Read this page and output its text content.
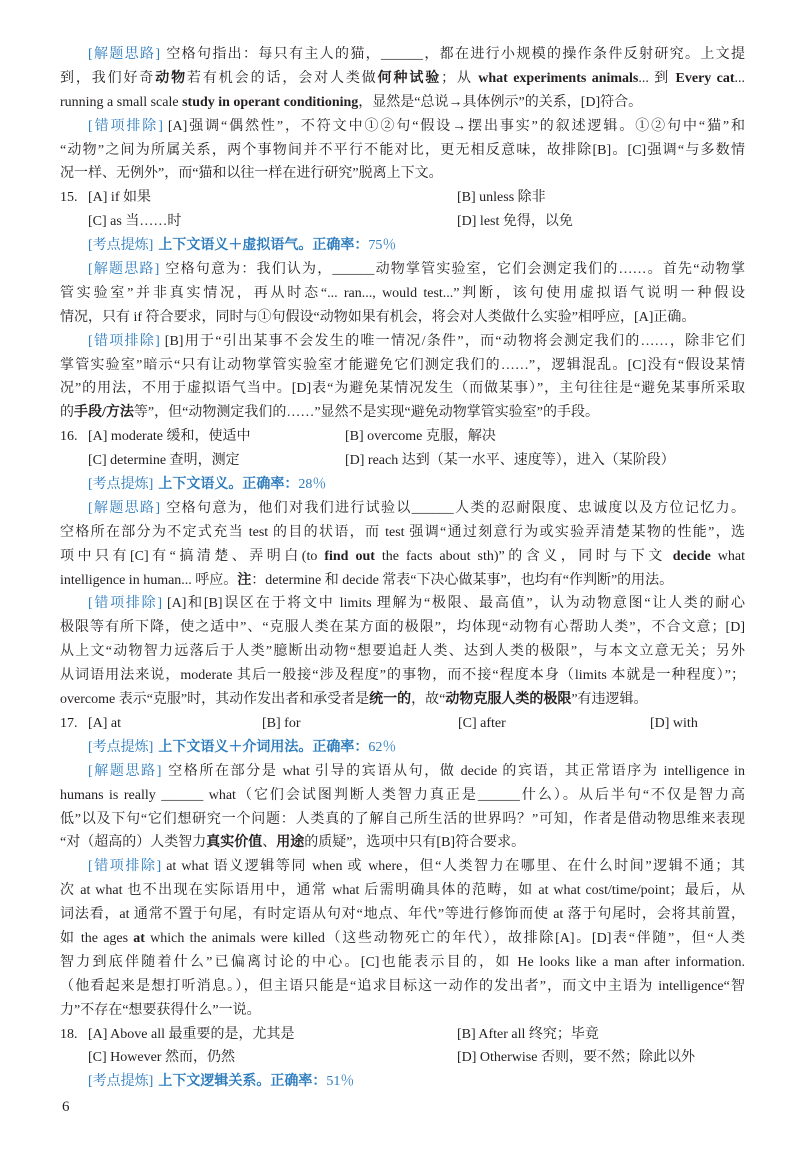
[解题思路] 空格句指出：每只有主人的猫，______，都在进行小规模的操作条件反射研究。上文提
到，我们好奇动物若有机会的话，会对人类做何种试验；从 what experiments animals... 到 Every cat...
running a small scale study in operant conditioning，显然是“总说→具体例示”的关系，[D]符合。
[错项排除] [A]强调“偶然性”，不符文中①②句“假设→摆出事实”的叙述逻辑。①②句中“猫”和
“动物”之间为所属关系，两个事物间并不平行不能对比，更无相反意味，故排除[B]。[C]强调“与多数情
况一样、无例外”，而“猫和以往一样在进行研究”脱离上下文。
15. [A] if 如果	[B] unless 除非
[C] as 当……时	[D] lest 免得，以免
[考点提炼] 上下文语义＋虚拟语气。正确率：75％
[解题思路] 空格句意为：我们认为，______动物掌管实验室，它们会测定我们的……。首先“动物掌
管实验室”并非真实情况，再从时态“... ran..., would test...”判断，该句使用虚拟语气说明一种假设
情况，只有 if 符合要求，同时与①句假设“动物如果有机会，将会对人类做什么实验”相呼应，[A]正确。
[错项排除] [B]用于“引出某事不会发生的唯一情况/条件”，而“动物将会测定我们的……，除非它们
掌管实验室”暗示“只有让动物掌管实验室才能避免它们测定我们的……”，逻辑混乱。[C]没有“假设某情
况”的用法，不用于虚拟语气当中。[D]表“为避免某情况发生（而做某事）”，主句往往是“避免某事所采取
的手段/方法等”，但“动物测定我们的……”显然不是实现“避免动物掌管实验室”的手段。
16. [A] moderate 缓和，使适中	[B] overcome 克服，解决
[C] determine 查明，测定	[D] reach 达到（某一水平、速度等），进入（某阶段）
[考点提炼] 上下文语义。正确率：28％
[解题思路] 空格句意为，他们对我们进行试验以______人类的忍耐限度、忠诚度以及方位记忆力。
空格所在部分为不定式充当 test 的目的状语，而 test 强调“通过刻意行为或实验弄清楚某物的性能”，选
项中只有[C]有“搞清楚、弄明白(to find out the facts about sth)”的含义，同时与下文 decide what
intelligence in human... 呼应。注：determine 和 decide 常表“下决心做某事”，也均有“作判断”的用法。
[错项排除] [A]和[B]误区在于将文中 limits 理解为“极限、最高值”，认为动物意图“让人类的耐心
极限等有所下降，使之适中”、“克服人类在某方面的极限”，均体现“动物有心帮助人类”，不合文意；[D]
从上文“动物智力远落后于人类”臆断出动物“想要追赶人类、达到人类的极限”，与本文立意无关；另外
从词语用法来说，moderate 其后一般接“涉及程度”的事物，而不接“程度本身（limits 本就是一种程度）”；
overcome 表示“克服”时，其动作发出者和承受者是统一的，故“动物克服人类的极限”有违逻辑。
17. [A] at	[B] for	[C] after	[D] with
[考点提炼] 上下文语义＋介词用法。正确率：62％
[解题思路] 空格所在部分是 what 引导的宾语从句，做 decide 的宾语，其正常语序为 intelligence in
humans is really ______ what（它们会试图判断人类智力真正是______什么）。从后半句“不仅是智力高
低”以及下句“它们想研究一个问题：人类真的了解自己所生活的世界吗？”可知，作者是借动物思维来表现
“对（超高的）人类智力真实价值、用途的质疑”，选项中只有[B]符合要求。
[错项排除] at what 语义逻辑等同 when 或 where，但“人类智力在哪里、在什么时间”逻辑不通；其
次 at what 也不出现在实际语用中，通常 what 后需明确具体的范畴，如 at what cost/time/point；最后，从
词法看，at 通常不置于句尾，有时定语从句对“地点、年代”等进行修饰而使 at 落于句尾时，会将其前置，
如 the ages at which the animals were killed（这些动物死亡的年代），故排除[A]。[D]表“伴随”，但“人类
智力到底伴随着什么”已偏离讨论的中心。[C]也能表示目的，如 He looks like a man after information.
（他看起来是想打听消息。），但主语只能是“追求目标这一动作的发出者”，而文中主语为 intelligence“智
力”不存在“想要获得什么”一说。
18. [A] Above all 最重要的是，尤其是	[B] After all 终究；毕竟
[C] However 然而，仍然	[D] Otherwise 否则，要不然；除此以外
[考点提炼] 上下文逻辑关系。正确率：51％
6
